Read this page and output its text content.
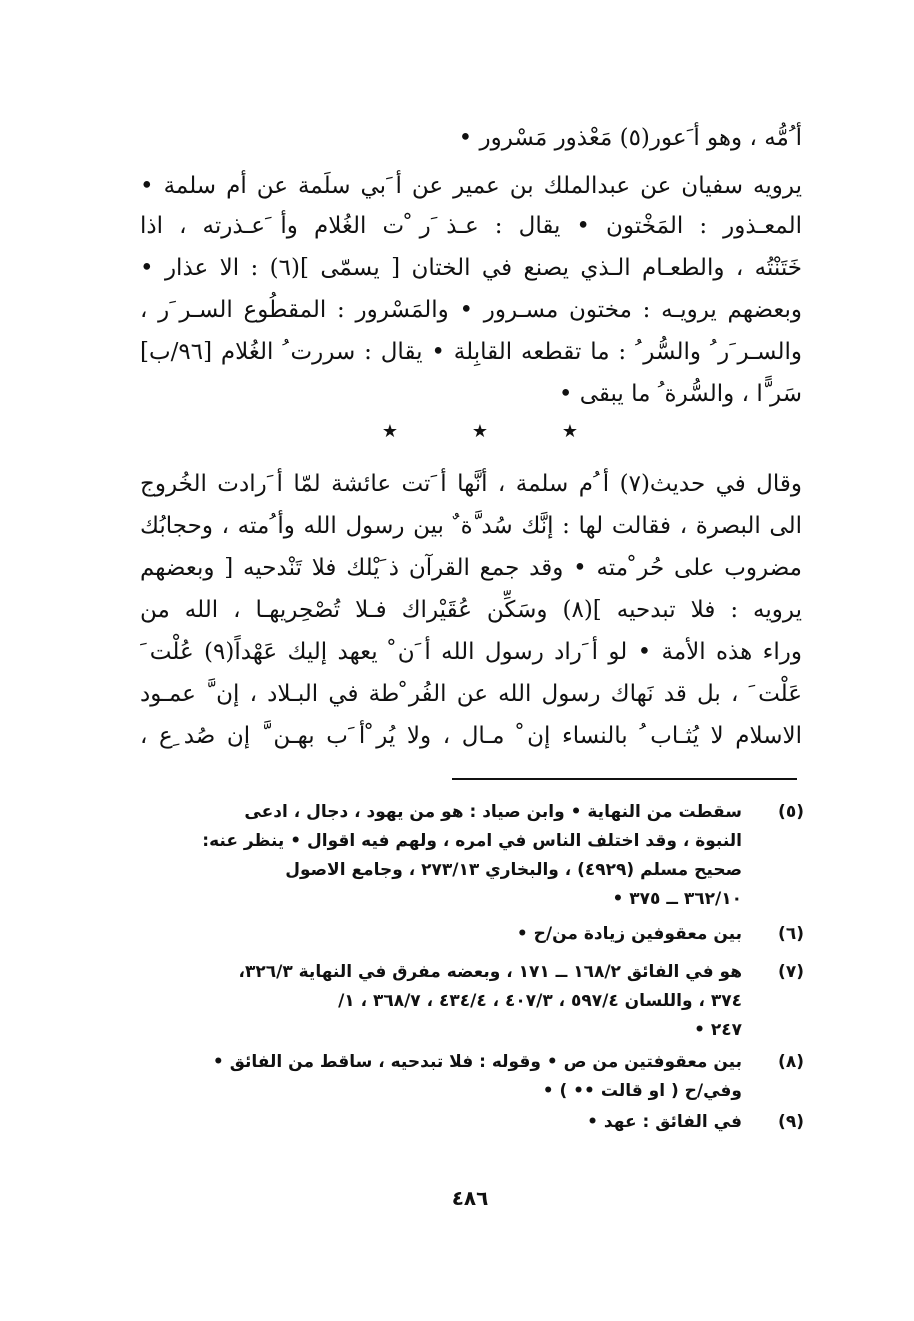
أ ُمُّه ، وهو أ َعور(٥) مَعْذور مَسْرور •
يرويه سفيان عن عبدالملك بن عمير عن أ َبي سلَمة عن أم سلمة •
المعـذور : المَخْتون • يقال : عـذ َر ْت الغُلام وأ َعـذرته ، اذا
خَتَنْتُه ، والطعـام الـذي يصنع في الختان [ يسمّى ](٦) : الا عذار •
وبعضهم يرويـه : مختون مسـرور • والمَسْرور : المقطُوع السـر َر ،
والسـر َر ُ والسُّر ُ : ما تقطعه القابِلة • يقال : سررت ُ الغُلام [٩٦/ب]
سَر ًّا ، والسُّرة ُ ما يبقى •
★	★	★
وقال في حديث(٧) أ ُم سلمة ، أنَّها أ َتت عائشة لمّا أ َرادت الخُروج
الى البصرة ، فقالت لها : إنَّك سُد َّة ٌ بين رسول الله وأ ُمته ، وحجابُك
مضروب على حُر ْمته • وقد جمع القرآن ذ َيْلك فلا تَنْدحيه [ وبعضهم
يرويه : فلا تبدحيه ](٨) وسَكِّن عُقَيْراك فـلا تُصْحِريهـا ، الله من
وراء هذه الأمة • لو أ َراد رسول الله أ َن ْ يعهد إليك عَهْداً(٩) عُلْت َ
عَلْت َ ، بل قد نَهاك رسول الله عن الفُر ْطة في البـلاد ، إن َّ عمـود
الاسلام لا يُثـاب ُ بالنساء إن ْ مـال ، ولا يُر ْأ َب بهـن َّ إن صُد ِع ،
(٥)
سقطت من النهاية • وابن صياد : هو من يهود ، دجال ، ادعى
النبوة ، وقد اختلف الناس في امره ، ولهم فيه اقوال • ينظر عنه:
صحيح مسلم (٤٩٢٩) ، والبخاري ٢٧٣/١٣ ، وجامع الاصول
٣٦٢/١٠ ــ ٣٧٥ •
(٦)
بين معقوفين زيادة من/ح •
(٧)
هو في الفائق ١٦٨/٢ ــ ١٧١ ، وبعضه مفرق في النهاية ٣٢٦/٣،
٣٧٤ ، واللسان ٥٩٧/٤ ، ٤٠٧/٣ ، ٤٣٤/٤ ، ٣٦٨/٧ ، ١/
٢٤٧ •
(٨)
بين معقوفتين من ص • وقوله : فلا تبدحيه ، ساقط من الفائق •
وفي/ح ( او قالت •• ) •
(٩)
في الفائق : عهد •
٤٨٦
